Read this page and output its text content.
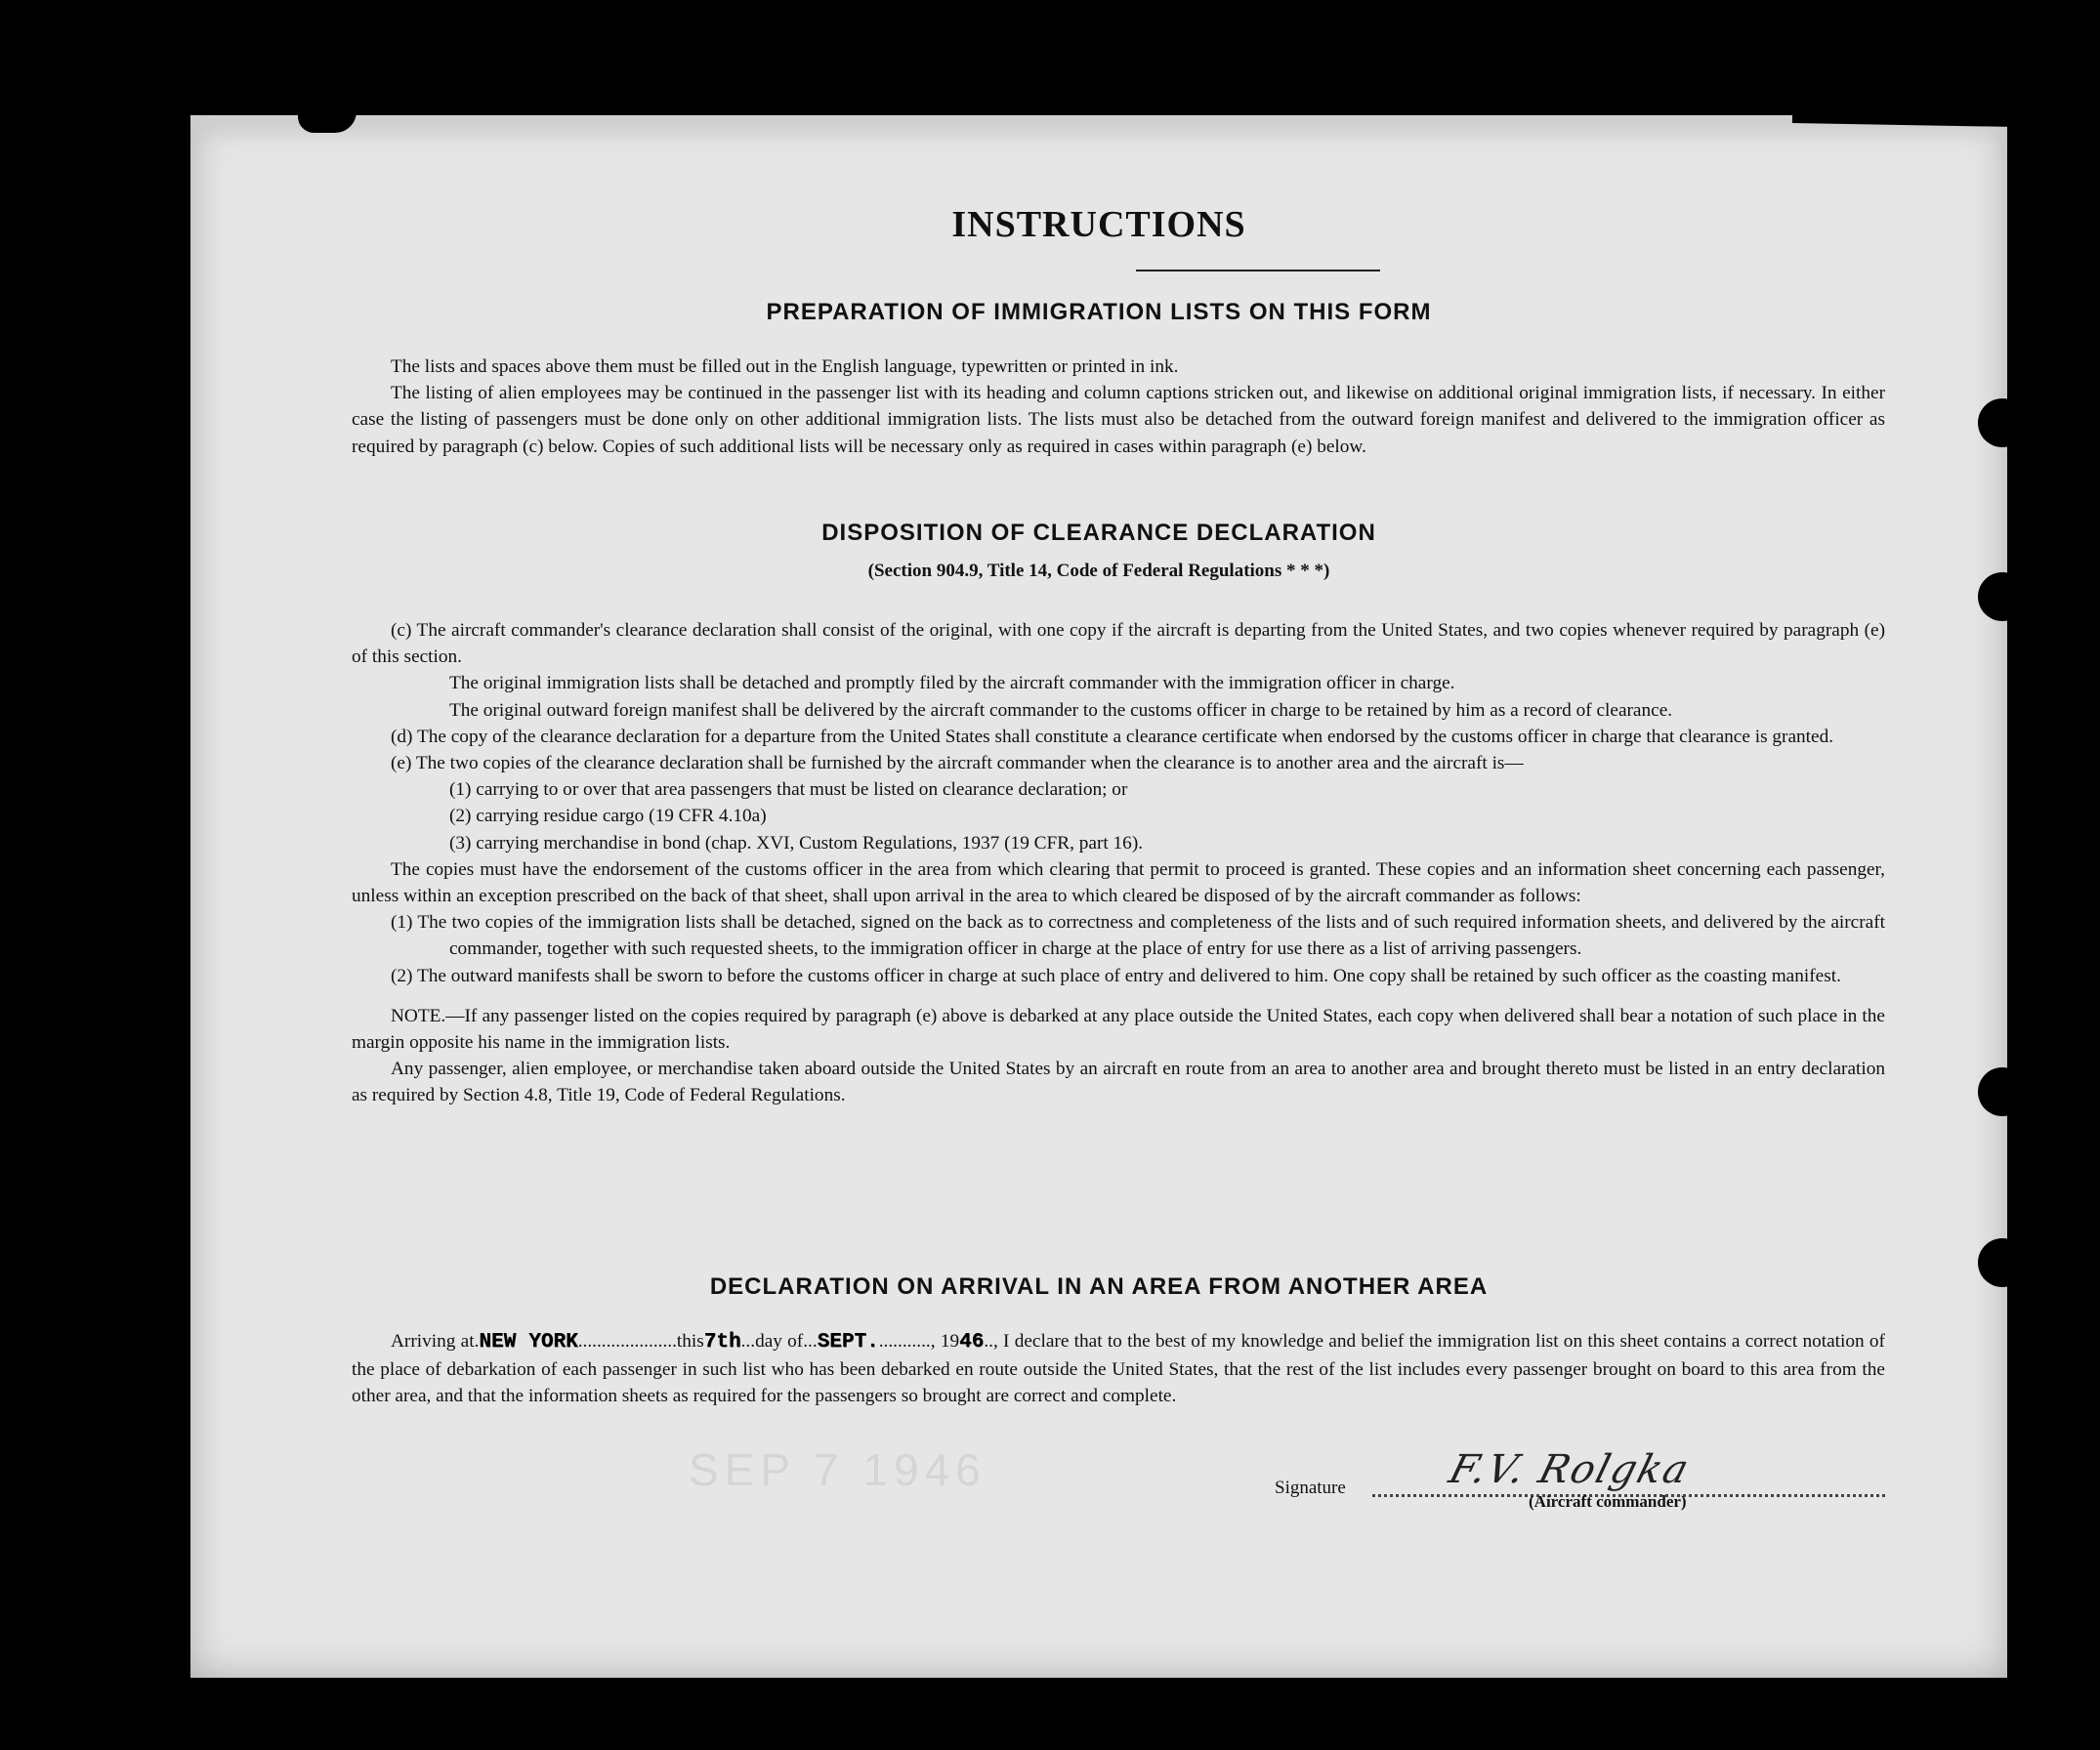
INSTRUCTIONS
PREPARATION OF IMMIGRATION LISTS ON THIS FORM

The lists and spaces above them must be filled out in the English language, typewritten or printed in ink.

The listing of alien employees may be continued in the passenger list with its heading and column captions stricken out, and likewise on additional original immigration lists, if necessary. In either case the listing of passengers must be done only on other additional immigration lists. The lists must also be detached from the outward foreign manifest and delivered to the immigration officer as required by paragraph (c) below. Copies of such additional lists will be necessary only as required in cases within paragraph (e) below.

DISPOSITION OF CLEARANCE DECLARATION
(Section 904.9, Title 14, Code of Federal Regulations * * *)

(c) The aircraft commander's clearance declaration shall consist of the original, with one copy if the aircraft is departing from the United States, and two copies whenever required by paragraph (e) of this section.

The original immigration lists shall be detached and promptly filed by the aircraft commander with the immigration officer in charge.

The original outward foreign manifest shall be delivered by the aircraft commander to the customs officer in charge to be retained by him as a record of clearance.

(d) The copy of the clearance declaration for a departure from the United States shall constitute a clearance certificate when endorsed by the customs officer in charge that clearance is granted.

(e) The two copies of the clearance declaration shall be furnished by the aircraft commander when the clearance is to another area and the aircraft is—

(1) carrying to or over that area passengers that must be listed on clearance declaration; or

(2) carrying residue cargo (19 CFR 4.10a)

(3) carrying merchandise in bond (chap. XVI, Custom Regulations, 1937 (19 CFR, part 16).

The copies must have the endorsement of the customs officer in the area from which clearing that permit to proceed is granted. These copies and an information sheet concerning each passenger, unless within an exception prescribed on the back of that sheet, shall upon arrival in the area to which cleared be disposed of by the aircraft commander as follows:

(1) The two copies of the immigration lists shall be detached, signed on the back as to correctness and completeness of the lists and of such required information sheets, and delivered by the aircraft commander, together with such requested sheets, to the immigration officer in charge at the place of entry for use there as a list of arriving passengers.

(2) The outward manifests shall be sworn to before the customs officer in charge at such place of entry and delivered to him. One copy shall be retained by such officer as the coasting manifest.

NOTE.—If any passenger listed on the copies required by paragraph (e) above is debarked at any place outside the United States, each copy when delivered shall bear a notation of such place in the margin opposite his name in the immigration lists.

Any passenger, alien employee, or merchandise taken aboard outside the United States by an aircraft en route from an area to another area and brought thereto must be listed in an entry declaration as required by Section 4.8, Title 19, Code of Federal Regulations.

DECLARATION ON ARRIVAL IN AN AREA FROM ANOTHER AREA
Arriving at.NEW YORK.....................this7th...day of...SEPT............, 1946.., I declare that to the best of my knowledge and belief the immigration list on this sheet contains a correct notation of the place of debarkation of each passenger in such list who has been debarked en route outside the United States, that the rest of the list includes every passenger brought on board to this area from the other area, and that the information sheets as required for the passengers so brought are correct and complete.
SEP 7 1946	Signature	F.V. Rolgka
(Aircraft commander)
